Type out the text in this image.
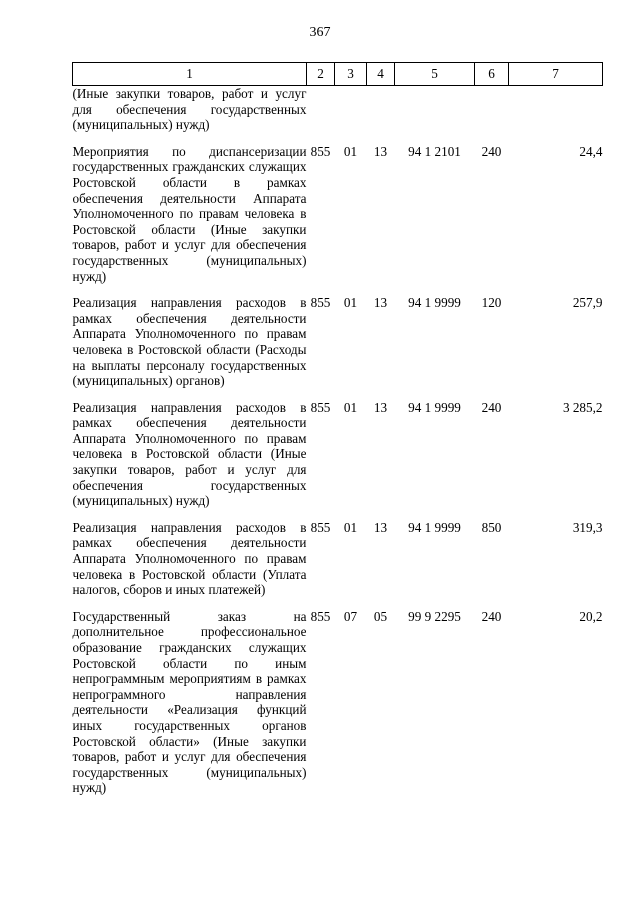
367
1	2	3	4	5	6	7
(Иные закупки товаров, работ и услуг для обеспечения государственных (муниципальных) нужд)						
Мероприятия по диспансеризации государственных гражданских служащих Ростовской области в рамках обеспечения деятельности Аппарата Уполномоченного по правам человека в Ростовской области (Иные закупки товаров, работ и услуг для обеспечения государственных (муниципальных) нужд)	855	01	13	94 1 2101	240	24,4
Реализация направления расходов в рамках обеспечения деятельности Аппарата Уполномоченного по правам человека в Ростовской области (Расходы на выплаты персоналу государственных (муниципальных) органов)	855	01	13	94 1 9999	120	257,9
Реализация направления расходов в рамках обеспечения деятельности Аппарата Уполномоченного по правам человека в Ростовской области (Иные закупки товаров, работ и услуг для обеспечения государственных (муниципальных) нужд)	855	01	13	94 1 9999	240	3 285,2
Реализация направления расходов в рамках обеспечения деятельности Аппарата Уполномоченного по правам человека в Ростовской области (Уплата налогов, сборов и иных платежей)	855	01	13	94 1 9999	850	319,3
Государственный заказ на дополнительное профессиональное образование гражданских служащих Ростовской области по иным непрограммным мероприятиям в рамках непрограммного направления деятельности «Реализация функций иных государственных органов Ростовской области» (Иные закупки товаров, работ и услуг для обеспечения государственных (муниципальных) нужд)	855	07	05	99 9 2295	240	20,2
